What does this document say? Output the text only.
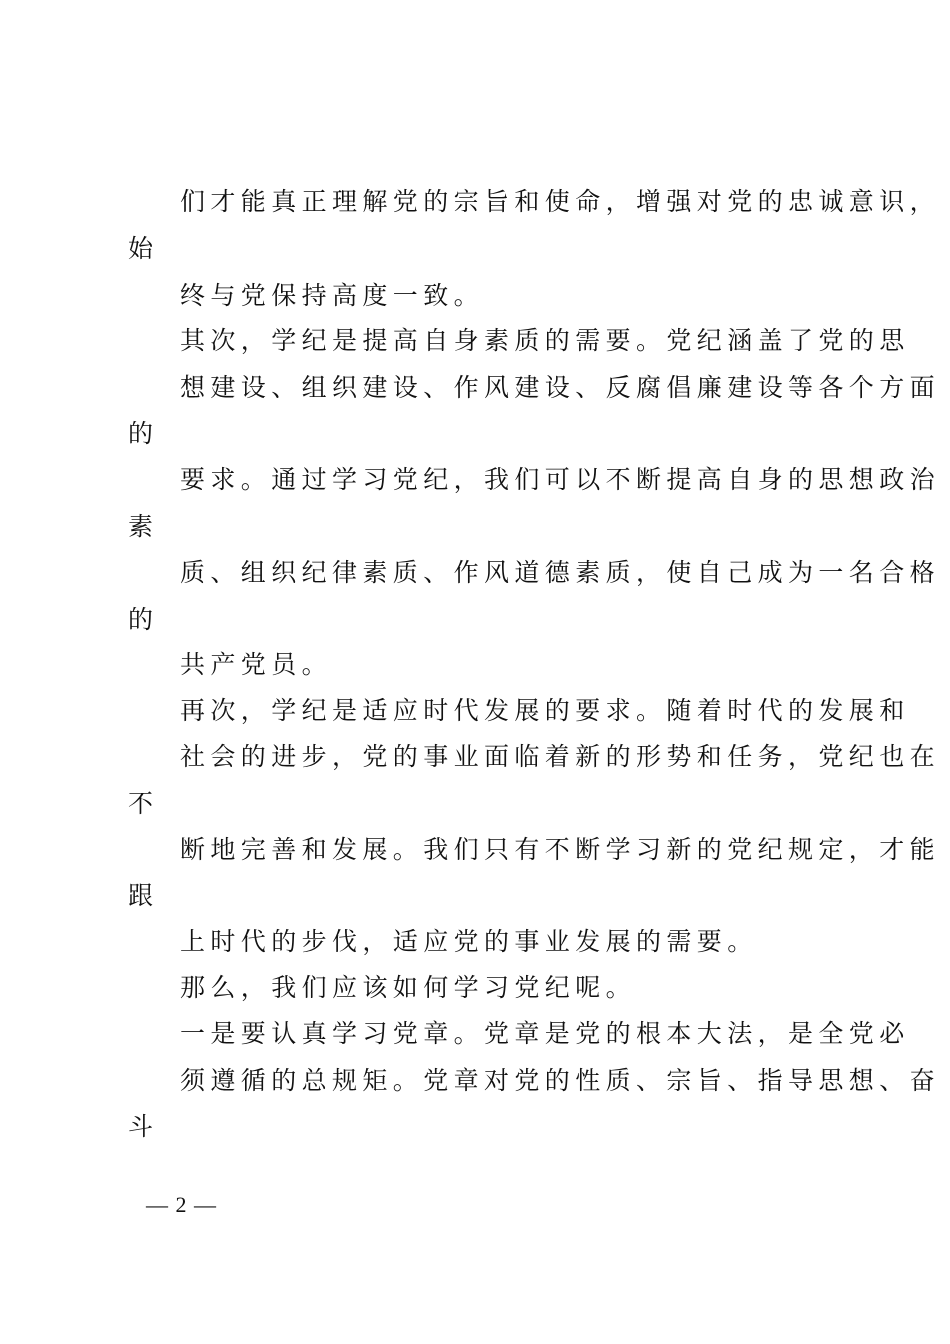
们才能真正理解党的宗旨和使命，增强对党的忠诚意识，
始
终与党保持高度一致。
其次，学纪是提高自身素质的需要。党纪涵盖了党的思
想建设、组织建设、作风建设、反腐倡廉建设等各个方面
的
要求。通过学习党纪，我们可以不断提高自身的思想政治
素
质、组织纪律素质、作风道德素质，使自己成为一名合格
的
共产党员。
再次，学纪是适应时代发展的要求。随着时代的发展和
社会的进步，党的事业面临着新的形势和任务，党纪也在
不
断地完善和发展。我们只有不断学习新的党纪规定，才能
跟
上时代的步伐，适应党的事业发展的需要。
那么，我们应该如何学习党纪呢。
一是要认真学习党章。党章是党的根本大法，是全党必
须遵循的总规矩。党章对党的性质、宗旨、指导思想、奋
斗
— 2 —
